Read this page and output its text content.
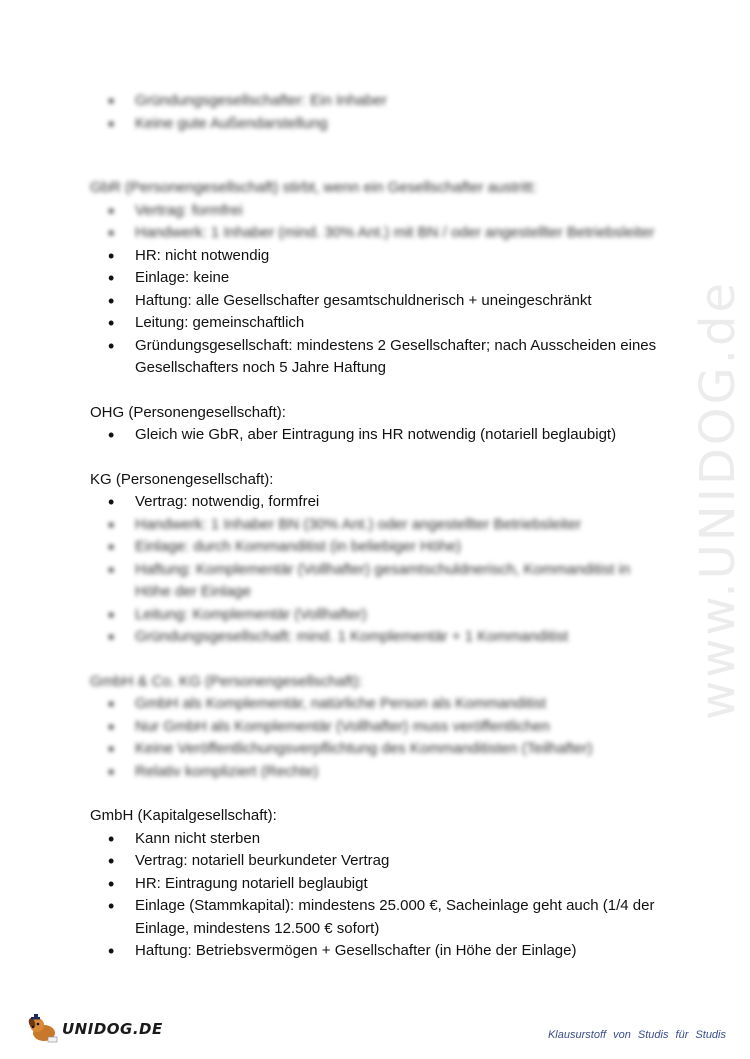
www.UNIDOG.de
• Gründungsgesellschafter: Ein Inhaber
• Keine gute Außendarstellung

GbR (Personengesellschaft) stirbt, wenn ein Gesellschafter austritt:

• Vertrag: formfrei
• Handwerk: 1 Inhaber (mind. 30% Ant.) mit BN / oder angestellter Betriebsleiter
• HR: nicht notwendig
• Einlage: keine
• Haftung: alle Gesellschafter gesamtschuldnerisch + uneingeschränkt
• Leitung: gemeinschaftlich
• Gründungsgesellschaft: mindestens 2 Gesellschafter; nach Ausscheiden eines Gesellschafters noch 5 Jahre Haftung

OHG (Personengesellschaft):

• Gleich wie GbR, aber Eintragung ins HR notwendig (notariell beglaubigt)

KG (Personengesellschaft):

• Vertrag: notwendig, formfrei
• Handwerk: 1 Inhaber BN (30% Ant.) oder angestellter Betriebsleiter
• Einlage: durch Kommanditist (in beliebiger Höhe)
• Haftung: Komplementär (Vollhafter) gesamtschuldnerisch, Kommanditist in Höhe der Einlage
• Leitung: Komplementär (Vollhafter)
• Gründungsgesellschaft: mind. 1 Komplementär + 1 Kommanditist

GmbH & Co. KG (Personengesellschaft):

• GmbH als Komplementär, natürliche Person als Kommanditist
• Nur GmbH als Komplementär (Vollhafter) muss veröffentlichen
• Keine Veröffentlichungsverpflichtung des Kommanditisten (Teilhafter)
• Relativ kompliziert (Rechte)

GmbH (Kapitalgesellschaft):

• Kann nicht sterben
• Vertrag: notariell beurkundeter Vertrag
• HR: Eintragung notariell beglaubigt
• Einlage (Stammkapital): mindestens 25.000 €, Sacheinlage geht auch (1/4 der Einlage, mindestens 12.500 € sofort)
• Haftung: Betriebsvermögen + Gesellschafter (in Höhe der Einlage)
UNIDOG.DE	Klausurstoff von Studis für Studis
